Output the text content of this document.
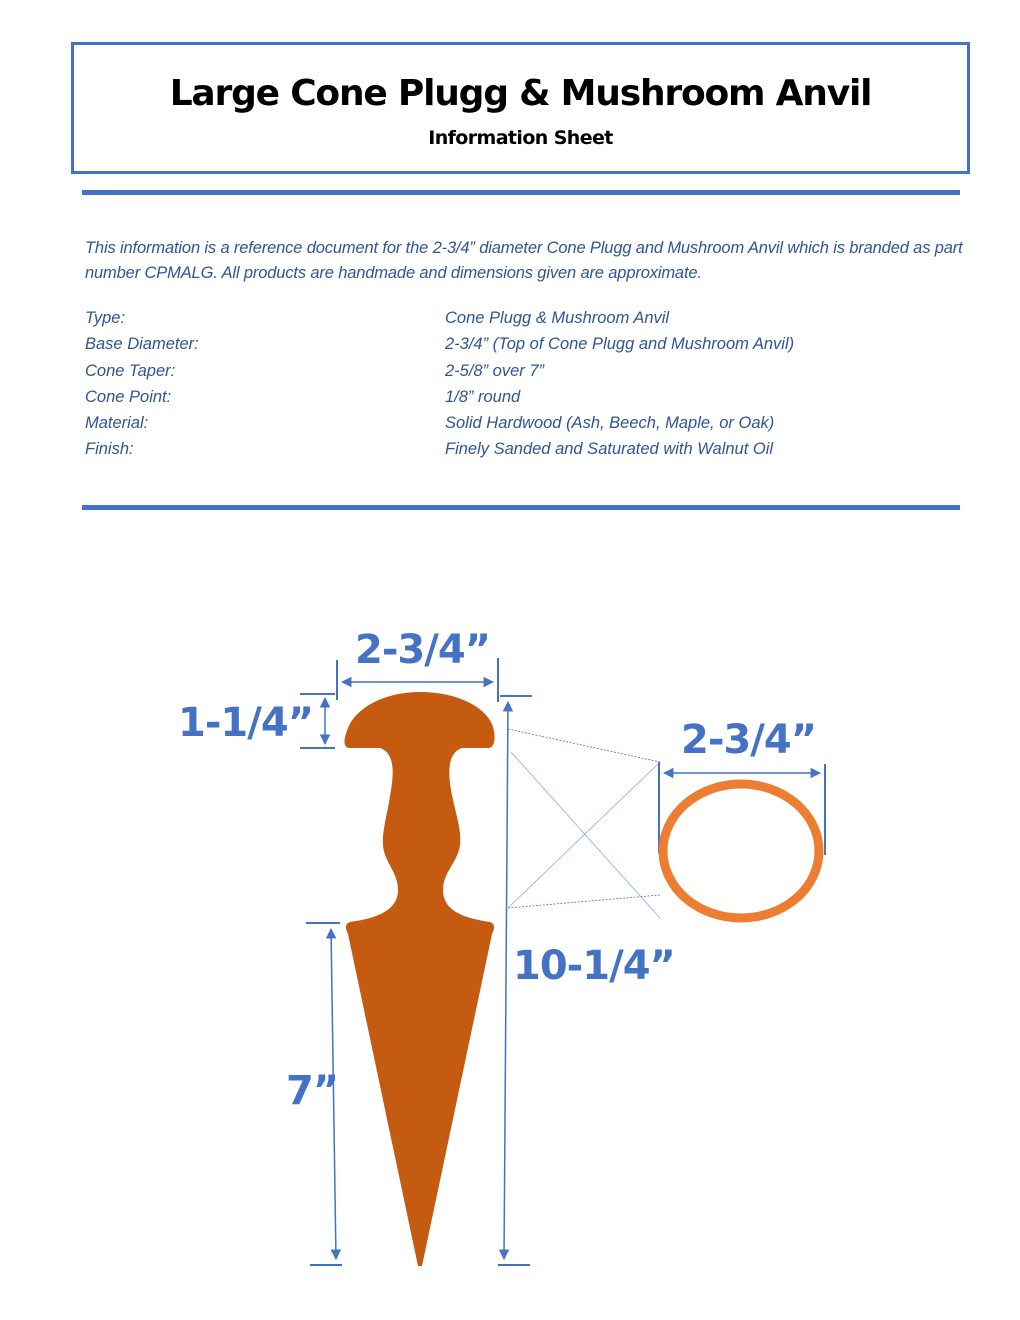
Large Cone Plugg & Mushroom Anvil
Information Sheet
This information is a reference document for the 2-3/4” diameter Cone Plugg and Mushroom Anvil which is branded as part number CPMALG. All products are handmade and dimensions given are approximate.
Type:	Cone Plugg & Mushroom Anvil
Base Diameter:	2-3/4” (Top of Cone Plugg and Mushroom Anvil)
Cone Taper:	2-5/8” over 7”
Cone Point:	1/8” round
Material:	Solid Hardwood (Ash, Beech, Maple, or Oak)
Finish:	Finely Sanded and Saturated with Walnut Oil
2-3/4”
1-1/4”	2-3/4”
10-1/4”
7”
